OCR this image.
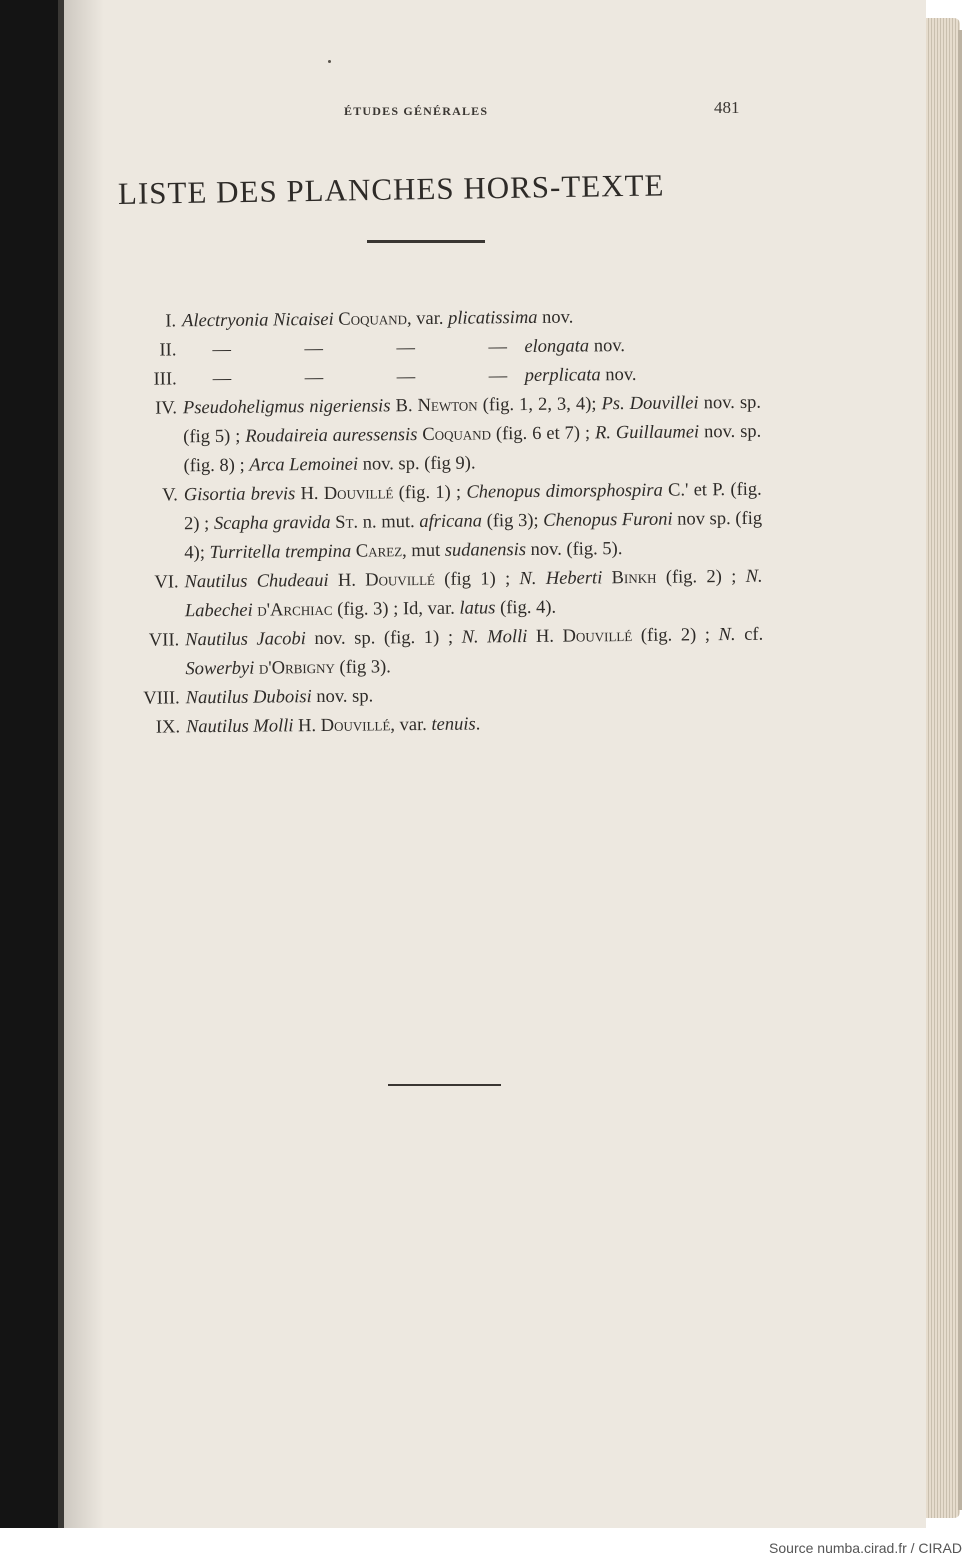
ÉTUDES GÉNÉRALES	481
LISTE DES PLANCHES HORS-TEXTE
I. Alectryonia Nicaisei Coquand, var. plicatissima nov.
II.	—	—	—	— elongata nov.
III.	—	—	—	— perplicata nov.
IV. Pseudoheligmus nigeriensis B. Newton (fig. 1, 2, 3, 4); Ps. Douvillei nov. sp. (fig 5) ; Roudaireia auressensis Coquand (fig. 6 et 7) ; R. Guillaumei nov. sp. (fig. 8) ; Arca Lemoinei nov. sp. (fig 9).
V. Gisortia brevis H. Douvillé (fig. 1) ; Chenopus dimorsphospira C.' et P. (fig. 2) ; Scapha gravida St. n. mut. africana (fig 3); Chenopus Furoni nov sp. (fig 4); Turritella trempina Carez, mut sudanensis nov. (fig. 5).
VI. Nautilus Chudeaui H. Douvillé (fig 1) ; N. Heberti Binkh (fig. 2) ; N. Labechei d'Archiac (fig. 3) ; Id, var. latus (fig. 4).
VII. Nautilus Jacobi nov. sp. (fig. 1) ; N. Molli H. Douvillé (fig. 2) ; N. cf. Sowerbyi d'Orbigny (fig 3).
VIII. Nautilus Duboisi nov. sp.
IX. Nautilus Molli H. Douvillé, var. tenuis.
Source numba.cirad.fr / CIRAD
